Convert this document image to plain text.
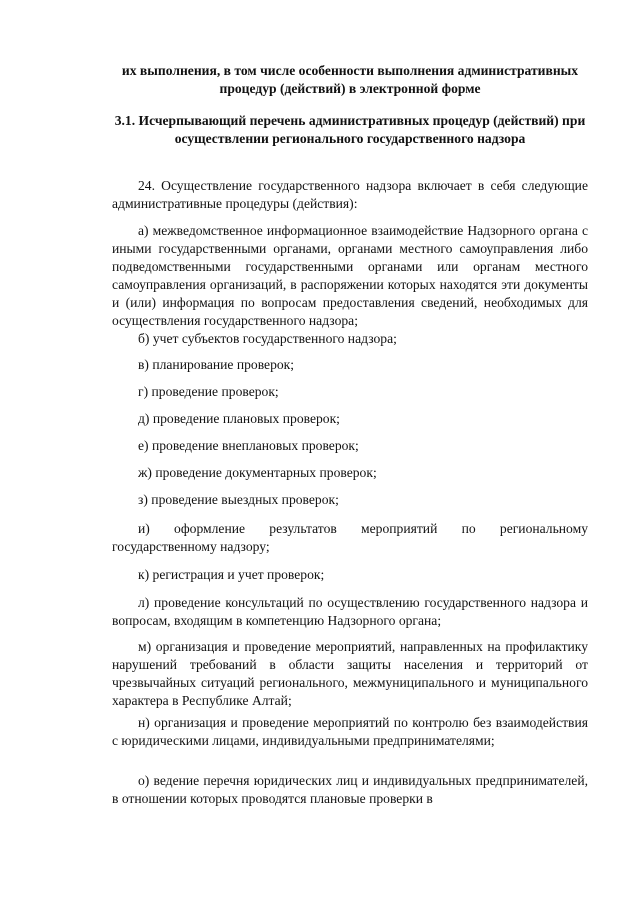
их выполнения, в том числе особенности выполнения административных процедур (действий) в электронной форме

3.1. Исчерпывающий перечень административных процедур (действий) при осуществлении регионального государственного надзора

24. Осуществление государственного надзора включает в себя следующие административные процедуры (действия):

а) межведомственное информационное взаимодействие Надзорного органа с иными государственными органами, органами местного самоуправления либо подведомственными государственными органами или органам местного самоуправления организаций, в распоряжении которых находятся эти документы и (или) информация по вопросам предоставления сведений, необходимых для осуществления государственного надзора;

б) учет субъектов государственного надзора;

в) планирование проверок;

г) проведение проверок;

д) проведение плановых проверок;

е) проведение внеплановых проверок;

ж) проведение документарных проверок;

з) проведение выездных проверок;

и) оформление результатов мероприятий по региональному государственному надзору;

к) регистрация и учет проверок;

л) проведение консультаций по осуществлению государственного надзора и вопросам, входящим в компетенцию Надзорного органа;

м) организация и проведение мероприятий, направленных на профилактику нарушений требований в области защиты населения и территорий от чрезвычайных ситуаций регионального, межмуниципального и муниципального характера в Республике Алтай;

н) организация и проведение мероприятий по контролю без взаимодействия с юридическими лицами, индивидуальными предпринимателями;

о) ведение перечня юридических лиц и индивидуальных предпринимателей, в отношении которых проводятся плановые проверки в
